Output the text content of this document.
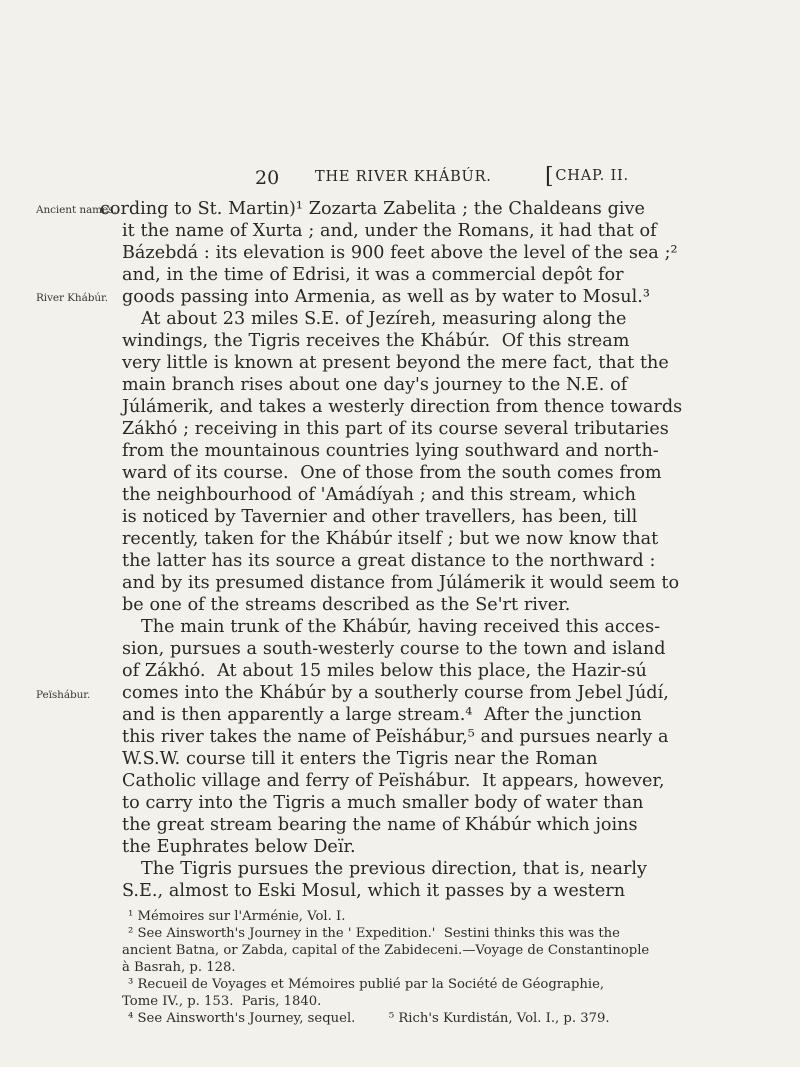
20 THE RIVER KHÁBÚR. [CHAP. II.
Ancient names.
River Khábúr.
Peïshábur.
cording to St. Martin)¹ Zozarta Zabelita ; the Chaldeans give
it the name of Xurta ; and, under the Romans, it had that of
Bázebdá : its elevation is 900 feet above the level of the sea ;²
and, in the time of Edrisi, it was a commercial depôt for
goods passing into Armenia, as well as by water to Mosul.³
At about 23 miles S.E. of Jezíreh, measuring along the
windings, the Tigris receives the Khábúr.  Of this stream
very little is known at present beyond the mere fact, that the
main branch rises about one day's journey to the N.E. of
Júlámerik, and takes a westerly direction from thence towards
Zákhó ; receiving in this part of its course several tributaries
from the mountainous countries lying southward and north-
ward of its course.  One of those from the south comes from
the neighbourhood of 'Amádíyah ; and this stream, which
is noticed by Tavernier and other travellers, has been, till
recently, taken for the Khábúr itself ; but we now know that
the latter has its source a great distance to the northward :
and by its presumed distance from Júlámerik it would seem to
be one of the streams described as the Se'rt river.
The main trunk of the Khábúr, having received this acces-
sion, pursues a south-westerly course to the town and island
of Zákhó.  At about 15 miles below this place, the Hazir-sú
comes into the Khábúr by a southerly course from Jebel Júdí,
and is then apparently a large stream.⁴  After the junction
this river takes the name of Peïshábur,⁵ and pursues nearly a
W.S.W. course till it enters the Tigris near the Roman
Catholic village and ferry of Peïshábur.  It appears, however,
to carry into the Tigris a much smaller body of water than
the great stream bearing the name of Khábúr which joins
the Euphrates below Deïr.
The Tigris pursues the previous direction, that is, nearly
S.E., almost to Eski Mosul, which it passes by a western
¹ Mémoires sur l'Arménie, Vol. I.
² See Ainsworth's Journey in the ' Expedition.'  Sestini thinks this was the
ancient Batna, or Zabda, capital of the Zabideceni.—Voyage de Constantinople
à Basrah, p. 128.
³ Recueil de Voyages et Mémoires publié par la Société de Géographie,
Tome IV., p. 153.  Paris, 1840.
⁴ See Ainsworth's Journey, sequel.        ⁵ Rich's Kurdistán, Vol. I., p. 379.
